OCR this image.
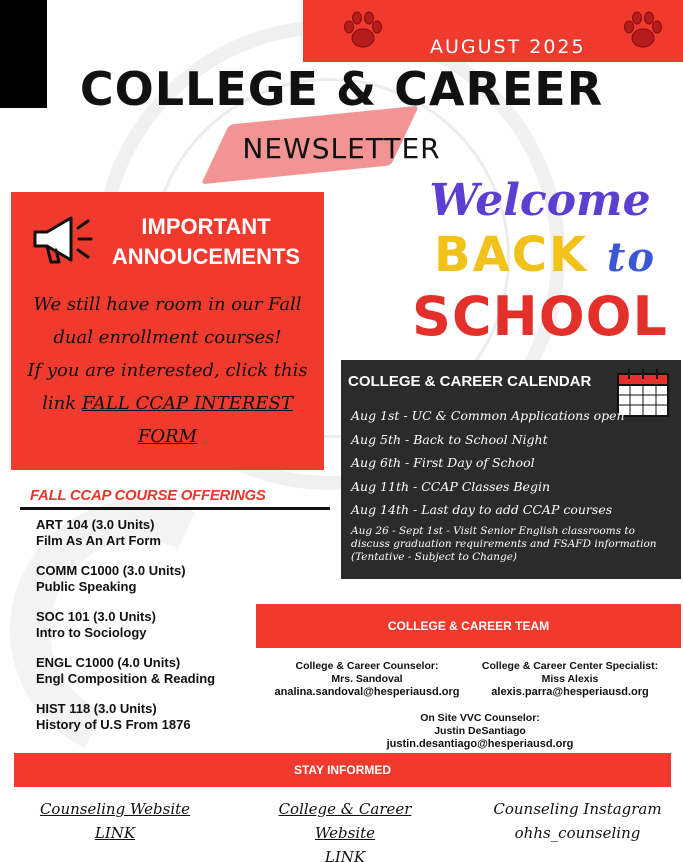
AUGUST 2025
COLLEGE & CAREER
NEWSLETTER
Welcome
BACK to
SCHOOL
IMPORTANT
ANNOUCEMENTS
We still have room in our Fall
dual enrollment courses!
If you are interested, click this
link FALL CCAP INTEREST FORM
FALL CCAP COURSE OFFERINGS
ART 104 (3.0 Units)
Film As An Art Form
COMM C1000 (3.0 Units)
Public Speaking
SOC 101 (3.0 Units)
Intro to Sociology
ENGL C1000 (4.0 Units)
Engl Composition & Reading
HIST 118 (3.0 Units)
History of U.S From 1876
COLLEGE & CAREER CALENDAR
Aug 1st - UC & Common Applications open
Aug 5th - Back to School Night
Aug 6th - First Day of School
Aug 11th - CCAP Classes Begin
Aug 14th - Last day to add CCAP courses
Aug 26 - Sept 1st - Visit Senior English classrooms to discuss graduation requirements and FSAFD information (Tentative - Subject to Change)
COLLEGE & CAREER TEAM
College & Career Counselor:
Mrs. Sandoval
analina.sandoval@hesperiausd.org
College & Career Center Specialist:
Miss Alexis
alexis.parra@hesperiausd.org
On Site VVC Counselor:
Justin DeSantiago
justin.desantiago@hesperiausd.org
STAY INFORMED
Counseling Website
LINK
College & Career Website
LINK
Counseling Instagram
ohhs_counseling
